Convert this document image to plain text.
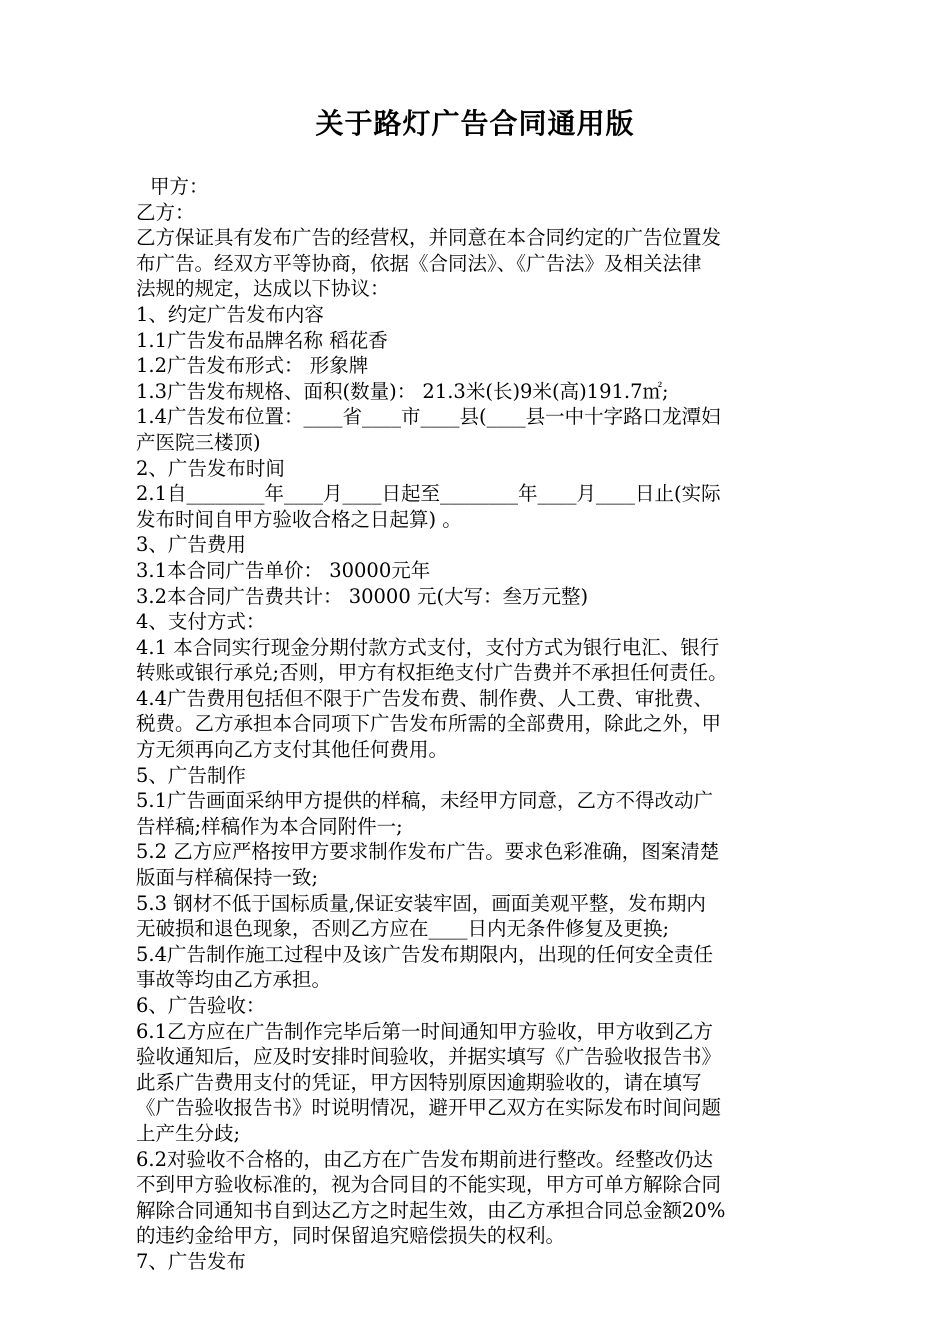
关于路灯广告合同通用版
甲方：
乙方：
乙方保证具有发布广告的经营权，并同意在本合同约定的广告位置发
布广告。经双方平等协商，依据《合同法》、《广告法》及相关法律
法规的规定，达成以下协议：
1、约定广告发布内容
1.1广告发布品牌名称 稻花香
1.2广告发布形式： 形象牌
1.3广告发布规格、面积(数量)： 21.3米(长)9米(高)191.7㎡;
1.4广告发布位置：____省____市____县(____县一中十字路口龙潭妇
产医院三楼顶)
2、广告发布时间
2.1自________年____月____日起至________年____月____日止(实际
发布时间自甲方验收合格之日起算) 。
3、广告费用
3.1本合同广告单价： 30000元年
3.2本合同广告费共计： 30000 元(大写：叁万元整)
4、支付方式：
4.1 本合同实行现金分期付款方式支付，支付方式为银行电汇、银行
转账或银行承兑;否则，甲方有权拒绝支付广告费并不承担任何责任。
4.4广告费用包括但不限于广告发布费、制作费、人工费、审批费、
税费。乙方承担本合同项下广告发布所需的全部费用，除此之外，甲
方无须再向乙方支付其他任何费用。
5、广告制作
5.1广告画面采纳甲方提供的样稿，未经甲方同意，乙方不得改动广
告样稿;样稿作为本合同附件一;
5.2 乙方应严格按甲方要求制作发布广告。要求色彩准确，图案清楚
版面与样稿保持一致;
5.3 钢材不低于国标质量,保证安装牢固，画面美观平整，发布期内
无破损和退色现象，否则乙方应在____日内无条件修复及更换;
5.4广告制作施工过程中及该广告发布期限内，出现的任何安全责任
事故等均由乙方承担。
6、广告验收：
6.1乙方应在广告制作完毕后第一时间通知甲方验收，甲方收到乙方
验收通知后，应及时安排时间验收，并据实填写《广告验收报告书》
此系广告费用支付的凭证，甲方因特别原因逾期验收的，请在填写
《广告验收报告书》时说明情况，避开甲乙双方在实际发布时间问题
上产生分歧;
6.2对验收不合格的，由乙方在广告发布期前进行整改。经整改仍达
不到甲方验收标准的，视为合同目的不能实现，甲方可单方解除合同
解除合同通知书自到达乙方之时起生效，由乙方承担合同总金额20%
的违约金给甲方，同时保留追究赔偿损失的权利。
7、广告发布
